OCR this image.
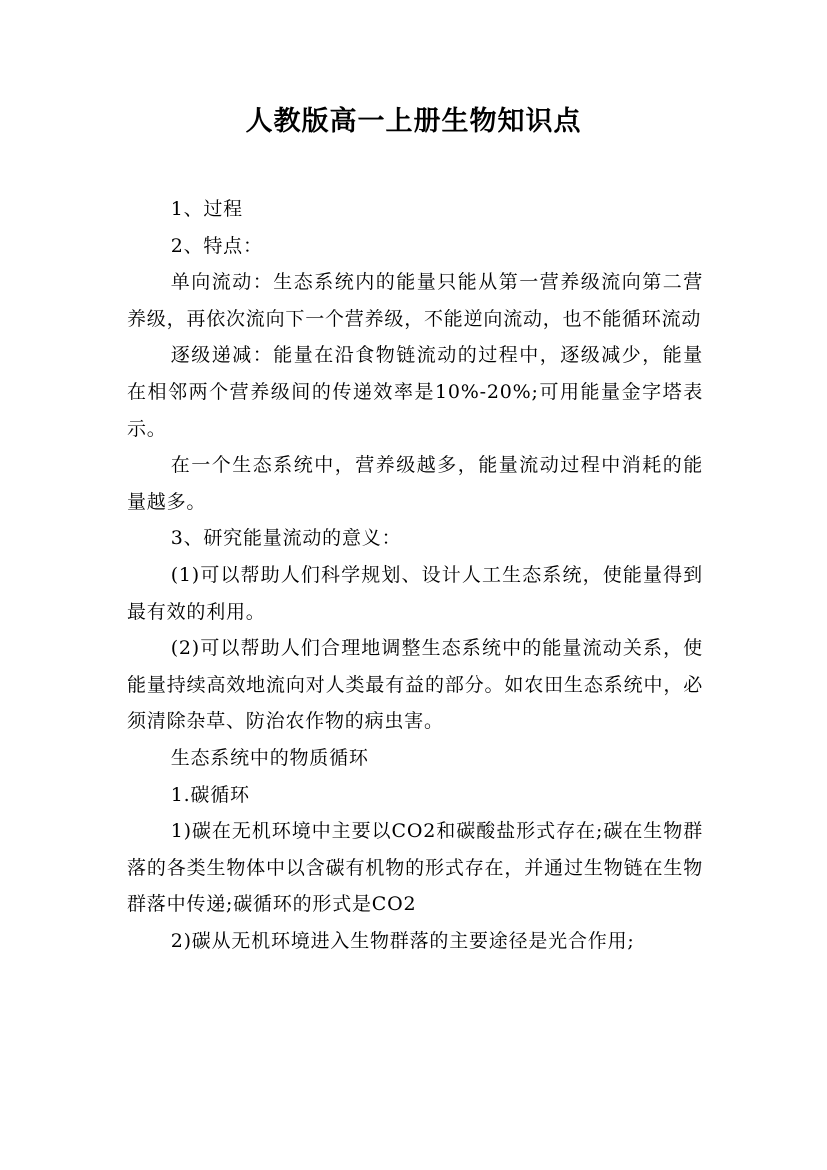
人教版高一上册生物知识点

1、过程

2、特点：

单向流动：生态系统内的能量只能从第一营养级流向第二营养级，再依次流向下一个营养级，不能逆向流动，也不能循环流动

逐级递减：能量在沿食物链流动的过程中，逐级减少，能量在相邻两个营养级间的传递效率是10%-20%;可用能量金字塔表示。

在一个生态系统中，营养级越多，能量流动过程中消耗的能量越多。

3、研究能量流动的意义：

(1)可以帮助人们科学规划、设计人工生态系统，使能量得到最有效的利用。

(2)可以帮助人们合理地调整生态系统中的能量流动关系，使能量持续高效地流向对人类最有益的部分。如农田生态系统中，必须清除杂草、防治农作物的病虫害。

生态系统中的物质循环

1.碳循环

1)碳在无机环境中主要以CO2和碳酸盐形式存在;碳在生物群落的各类生物体中以含碳有机物的形式存在，并通过生物链在生物群落中传递;碳循环的形式是CO2

2)碳从无机环境进入生物群落的主要途径是光合作用;
